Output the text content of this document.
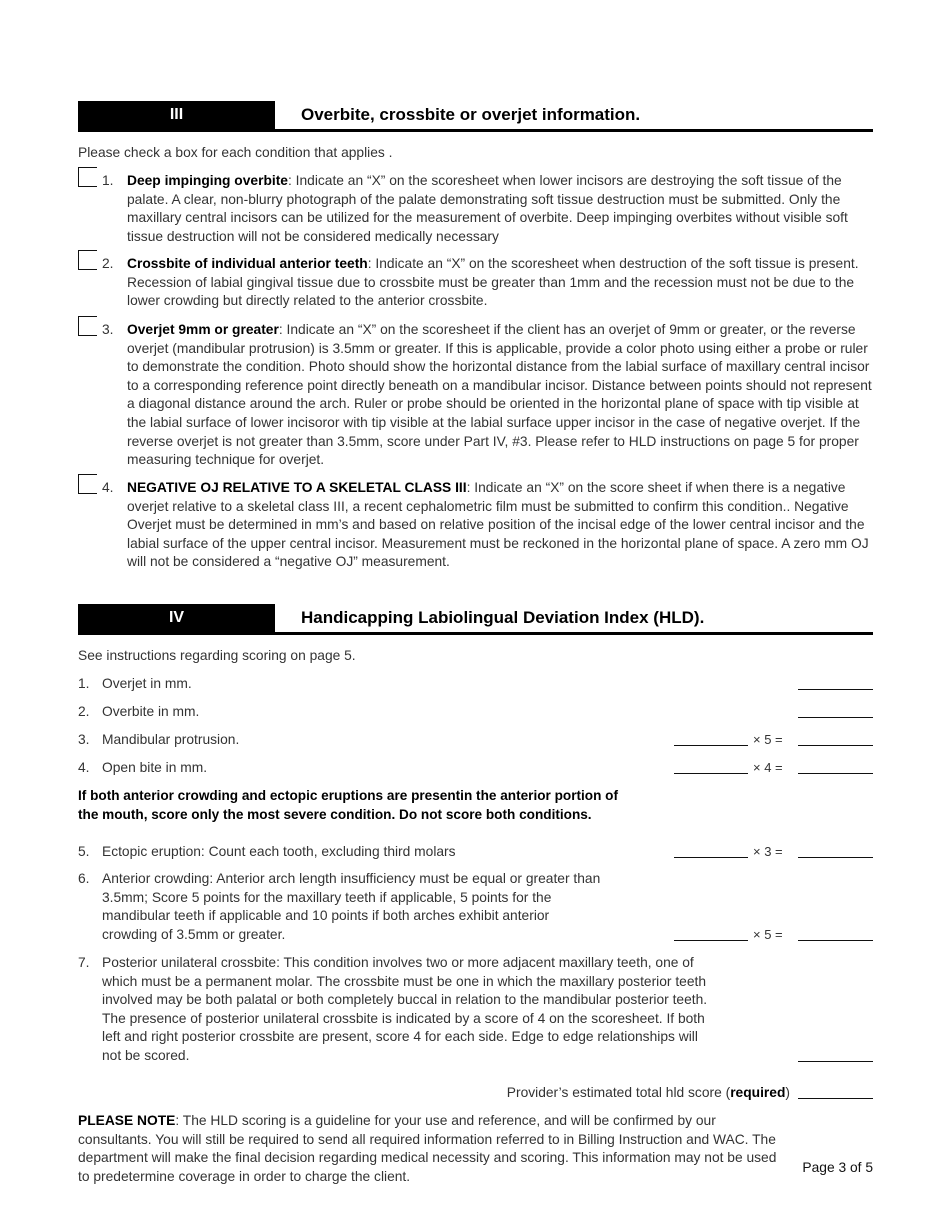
III	Overbite, crossbite or overjet information.
Please check a box for each condition that applies .
1. Deep impinging overbite: Indicate an “X” on the scoresheet when lower incisors are destroying the soft tissue of the palate. A clear, non-blurry photograph of the palate demonstrating soft tissue destruction must be submitted. Only the maxillary central incisors can be utilized for the measurement of overbite. Deep impinging overbites without visible soft tissue destruction will not be considered medically necessary
2. Crossbite of individual anterior teeth: Indicate an “X” on the scoresheet when destruction of the soft tissue is present. Recession of labial gingival tissue due to crossbite must be greater than 1mm and the recession must not be due to the lower crowding but directly related to the anterior crossbite.
3. Overjet 9mm or greater: Indicate an “X” on the scoresheet if the client has an overjet of 9mm or greater, or the reverse overjet (mandibular protrusion) is 3.5mm or greater. If this is applicable, provide a color photo using either a probe or ruler to demonstrate the condition. Photo should show the horizontal distance from the labial surface of maxillary central incisor to a corresponding reference point directly beneath on a mandibular incisor. Distance between points should not represent a diagonal distance around the arch. Ruler or probe should be oriented in the horizontal plane of space with tip visible at the labial surface of lower incisoror with tip visible at the labial surface upper incisor in the case of negative overjet. If the reverse overjet is not greater than 3.5mm, score under Part IV, #3. Please refer to HLD instructions on page 5 for proper measuring technique for overjet.
4. NEGATIVE OJ RELATIVE TO A SKELETAL CLASS III: Indicate an “X” on the score sheet if when there is a negative overjet relative to a skeletal class III, a recent cephalometric film must be submitted to confirm this condition.. Negative Overjet must be determined in mm’s and based on relative position of the incisal edge of the lower central incisor and the labial surface of the upper central incisor. Measurement must be reckoned in the horizontal plane of space. A zero mm OJ will not be considered a “negative OJ” measurement.
IV	Handicapping Labiolingual Deviation Index (HLD).
See instructions regarding scoring on page 5.
1. Overjet in mm.
2. Overbite in mm.
3. Mandibular protrusion.	× 5 =
4. Open bite in mm.	× 4 =
If both anterior crowding and ectopic eruptions are presentin the anterior portion of the mouth, score only the most severe condition. Do not score both conditions.
5. Ectopic eruption: Count each tooth, excluding third molars	× 3 =
6. Anterior crowding: Anterior arch length insufficiency must be equal or greater than 3.5mm; Score 5 points for the maxillary teeth if applicable, 5 points for the mandibular teeth if applicable and 10 points if both arches exhibit anterior crowding of 3.5mm or greater.	× 5 =
7. Posterior unilateral crossbite: This condition involves two or more adjacent maxillary teeth, one of which must be a permanent molar. The crossbite must be one in which the maxillary posterior teeth involved may be both palatal or both completely buccal in relation to the mandibular posterior teeth. The presence of posterior unilateral crossbite is indicated by a score of 4 on the scoresheet. If both left and right posterior crossbite are present, score 4 for each side. Edge to edge relationships will not be scored.
Provider’s estimated total hld score (required)
PLEASE NOTE: The HLD scoring is a guideline for your use and reference, and will be confirmed by our consultants. You will still be required to send all required information referred to in Billing Instruction and WAC. The department will make the final decision regarding medical necessity and scoring. This information may not be used to predetermine coverage in order to charge the client.
Page 3 of 5
